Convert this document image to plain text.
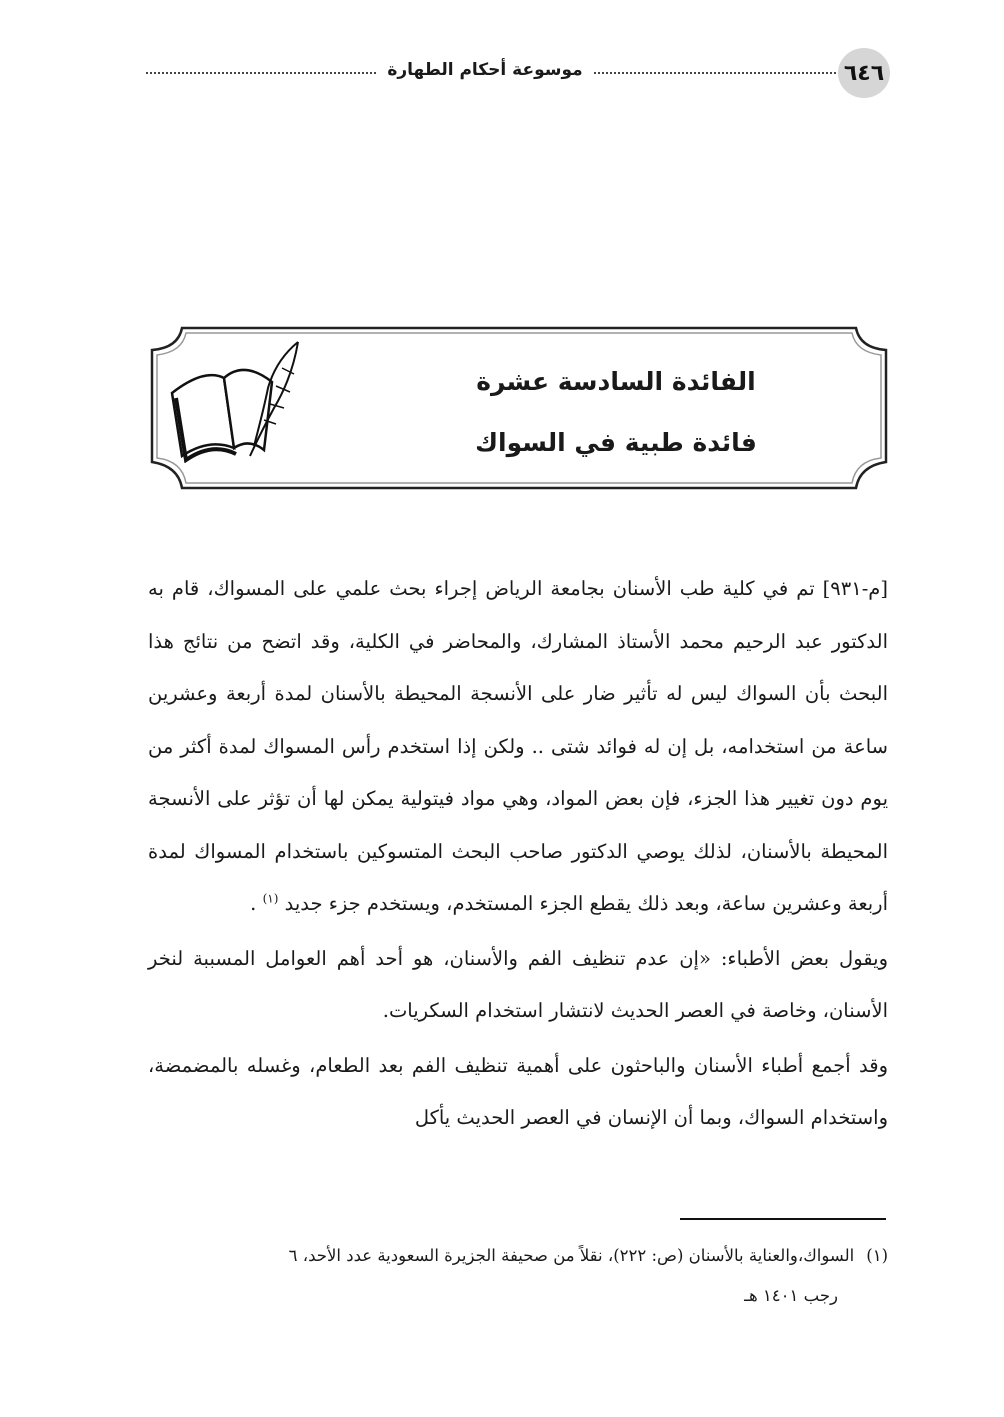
موسوعة أحكام الطهارة	٦٤٦
الفائدة السادسة عشرة
فائدة طبية في السواك

[م-٩٣١] تم في كلية طب الأسنان بجامعة الرياض إجراء بحث علمي على المسواك، قام به الدكتور عبد الرحيم محمد الأستاذ المشارك، والمحاضر في الكلية، وقد اتضح من نتائج هذا البحث بأن السواك ليس له تأثير ضار على الأنسجة المحيطة بالأسنان لمدة أربعة وعشرين ساعة من استخدامه، بل إن له فوائد شتى .. ولكن إذا استخدم رأس المسواك لمدة أكثر من يوم دون تغيير هذا الجزء، فإن بعض المواد، وهي مواد فيتولية يمكن لها أن تؤثر على الأنسجة المحيطة بالأسنان، لذلك يوصي الدكتور صاحب البحث المتسوكين باستخدام المسواك لمدة أربعة وعشرين ساعة، وبعد ذلك يقطع الجزء المستخدم، ويستخدم جزء جديد $^{(١)}$ .

ويقول بعض الأطباء: «إن عدم تنظيف الفم والأسنان، هو أحد أهم العوامل المسببة لنخر الأسنان، وخاصة في العصر الحديث لانتشار استخدام السكريات.

وقد أجمع أطباء الأسنان والباحثون على أهمية تنظيف الفم بعد الطعام، وغسله بالمضمضة، واستخدام السواك، وبما أن الإنسان في العصر الحديث يأكل

(١)السواك،والعناية بالأسنان (ص: ٢٢٢)، نقلاً من صحيفة الجزيرة السعودية عدد الأحد، ٦
رجب ١٤٠١ هـ
